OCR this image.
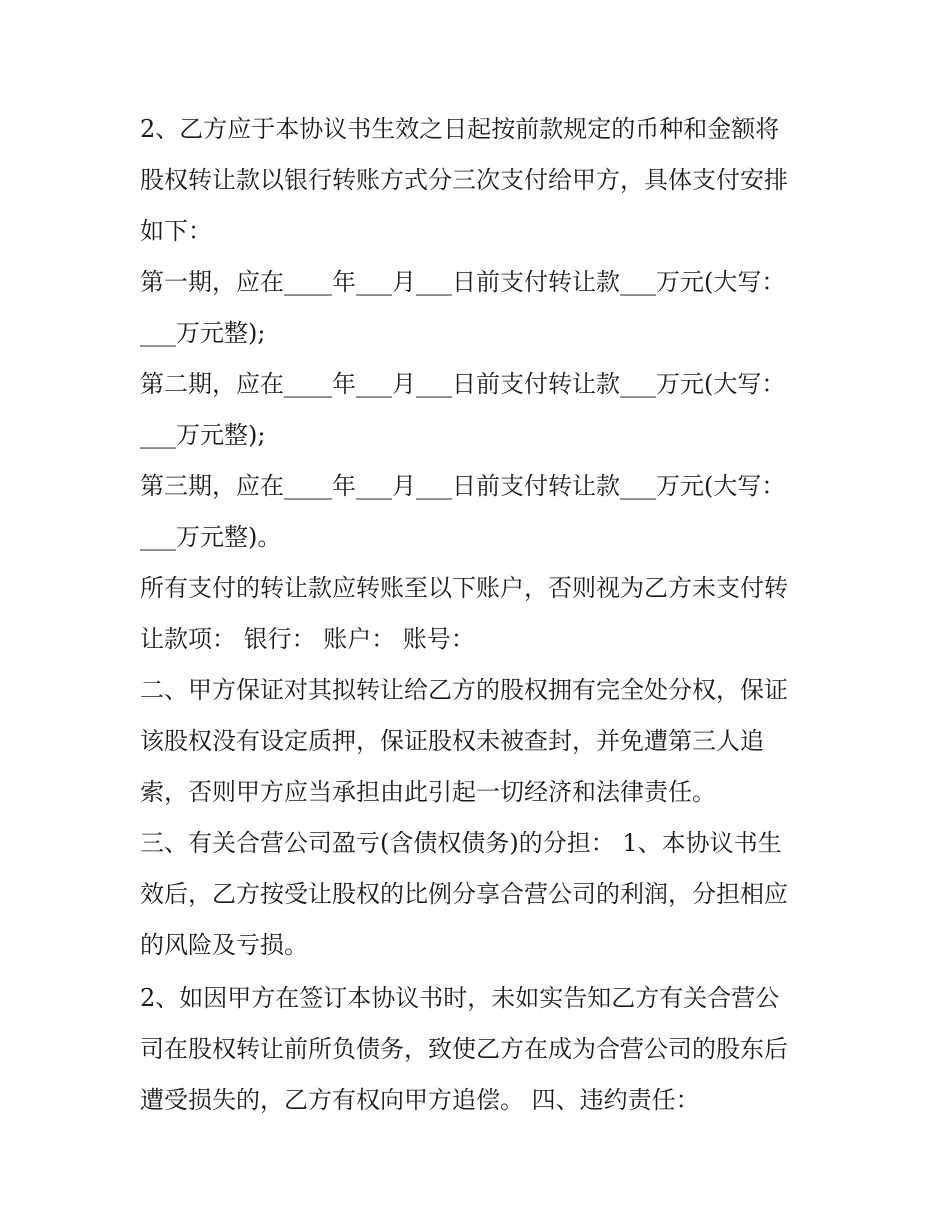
2、乙方应于本协议书生效之日起按前款规定的币种和金额将
股权转让款以银行转账方式分三次支付给甲方，具体支付安排
如下：
第一期，应在____年___月___日前支付转让款___万元(大写：
___万元整);
第二期，应在____年___月___日前支付转让款___万元(大写：
___万元整);
第三期，应在____年___月___日前支付转让款___万元(大写：
___万元整)。
所有支付的转让款应转账至以下账户，否则视为乙方未支付转
让款项： 银行： 账户： 账号：
二、甲方保证对其拟转让给乙方的股权拥有完全处分权，保证
该股权没有设定质押，保证股权未被查封，并免遭第三人追
索，否则甲方应当承担由此引起一切经济和法律责任。
三、有关合营公司盈亏(含债权债务)的分担： 1、本协议书生
效后，乙方按受让股权的比例分享合营公司的利润，分担相应
的风险及亏损。
2、如因甲方在签订本协议书时，未如实告知乙方有关合营公
司在股权转让前所负债务，致使乙方在成为合营公司的股东后
遭受损失的，乙方有权向甲方追偿。 四、违约责任：
